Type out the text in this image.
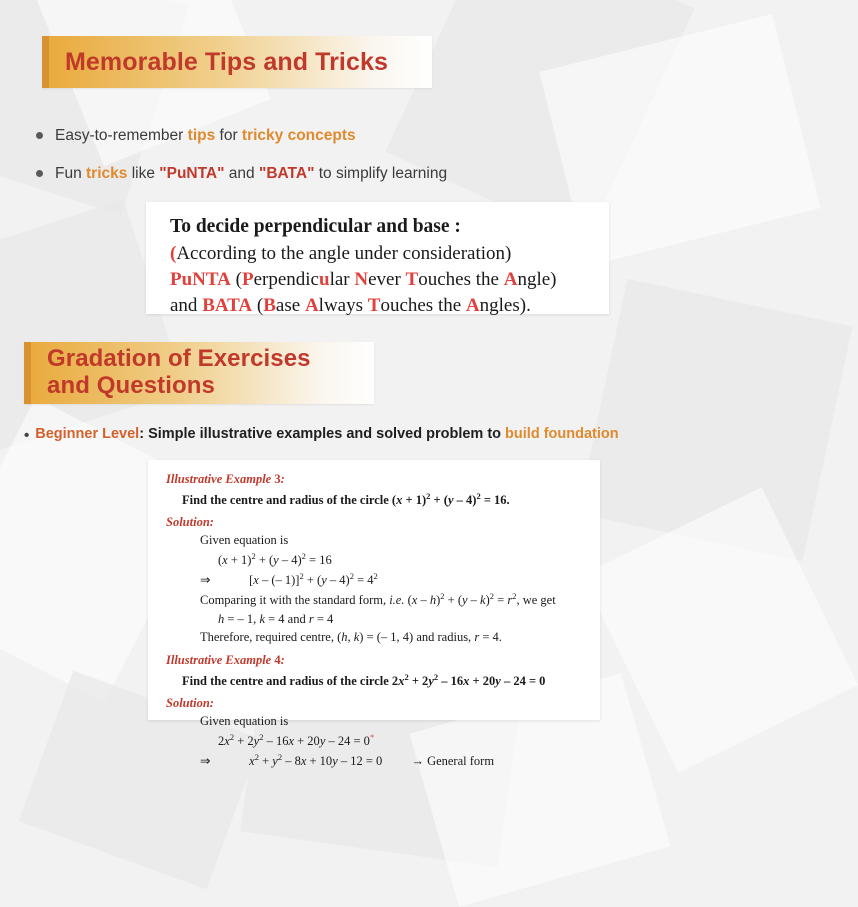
Memorable Tips and Tricks
Easy-to-remember tips for tricky concepts
Fun tricks like "PuNTA" and "BATA" to simplify learning
To decide perpendicular and base :
(According to the angle under consideration)
PuNTA (Perpendicular Never Touches the Angle)
and BATA (Base Always Touches the Angles).
Gradation of Exercises
and Questions
• Beginner Level: Simple illustrative examples and solved problem to build foundation
Illustrative Example 3:
Find the centre and radius of the circle $(x + 1)^2 + (y - 4)^2 = 16$.
Solution:
Given equation is
$(x + 1)^2 + (y - 4)^2 = 16$
⇒	[x – (– $1)]^2 + (y - 4)^2 = 4^2$
Comparing it with the standard form, i.e. $(x - h)^2 + (y - k)^2 = r^2$, we get
h = – 1, k = 4 and r = 4
Therefore, required centre, (h, k) = (– 1, 4) and radius, r = 4.
Illustrative Example 4:
Find the centre and radius of the circle $2x^2 + 2y^2 - 16x + 20y - 24 = 0$
Solution:
Given equation is
$2x^2 + 2y^2 - 16x + 20y - 24 = 0^*$
⇒	$x^2 + y^2 - 8x + 10y - 12 = 0$ → General form
